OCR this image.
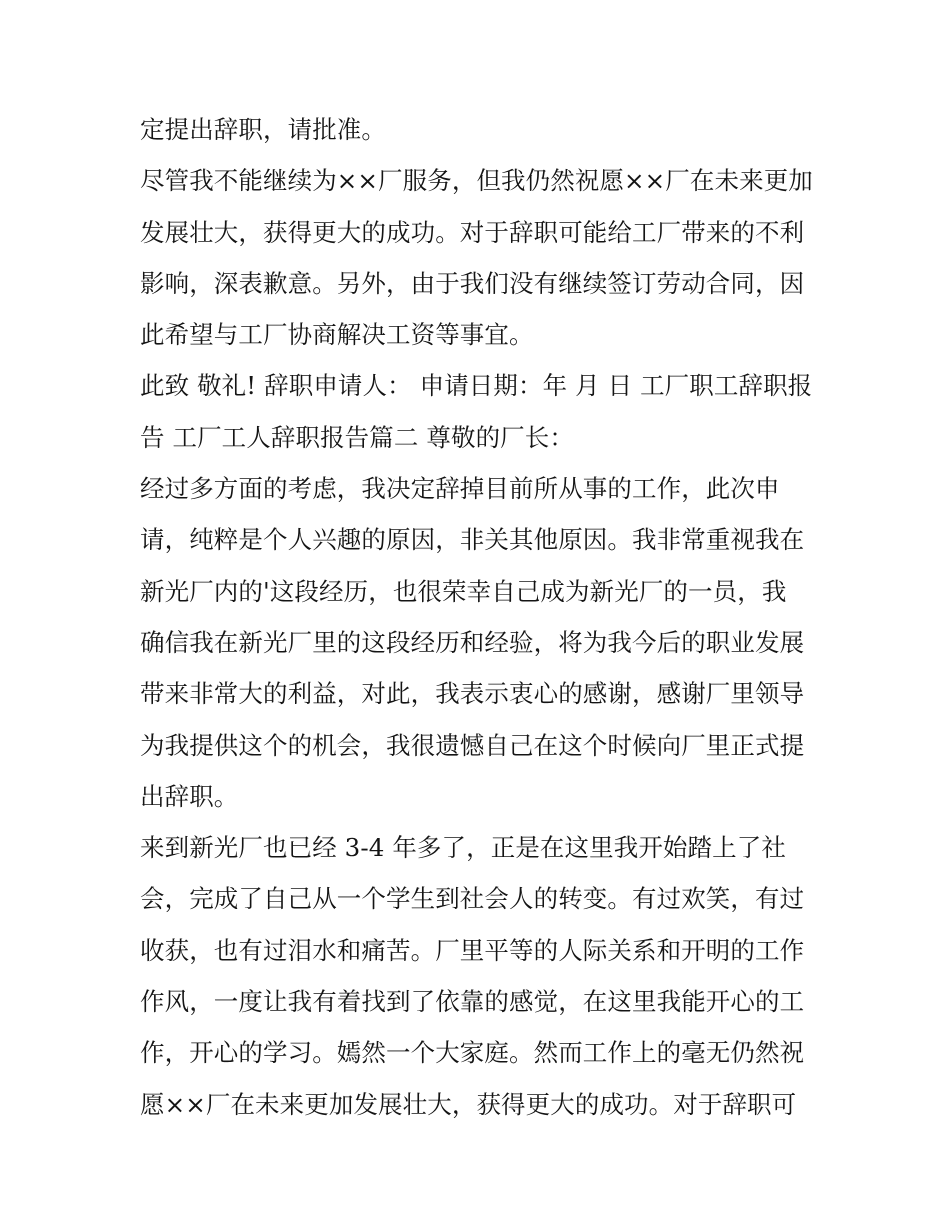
定提出辞职，请批准。

尽管我不能继续为××厂服务，但我仍然祝愿××厂在未来更加
发展壮大，获得更大的成功。对于辞职可能给工厂带来的不利
影响，深表歉意。另外，由于我们没有继续签订劳动合同，因
此希望与工厂协商解决工资等事宜。

此致 敬礼! 辞职申请人： 申请日期：年 月 日 工厂职工辞职报
告 工厂工人辞职报告篇二 尊敬的厂长：

经过多方面的考虑，我决定辞掉目前所从事的工作，此次申
请，纯粹是个人兴趣的原因，非关其他原因。我非常重视我在
新光厂内的'这段经历，也很荣幸自己成为新光厂的一员，我
确信我在新光厂里的这段经历和经验，将为我今后的职业发展
带来非常大的利益，对此，我表示衷心的感谢，感谢厂里领导
为我提供这个的机会，我很遗憾自己在这个时候向厂里正式提
出辞职。

来到新光厂也已经 3-4 年多了，正是在这里我开始踏上了社
会，完成了自己从一个学生到社会人的转变。有过欢笑，有过
收获，也有过泪水和痛苦。厂里平等的人际关系和开明的工作
作风，一度让我有着找到了依靠的感觉，在这里我能开心的工
作，开心的学习。嫣然一个大家庭。然而工作上的毫无仍然祝
愿××厂在未来更加发展壮大，获得更大的成功。对于辞职可
